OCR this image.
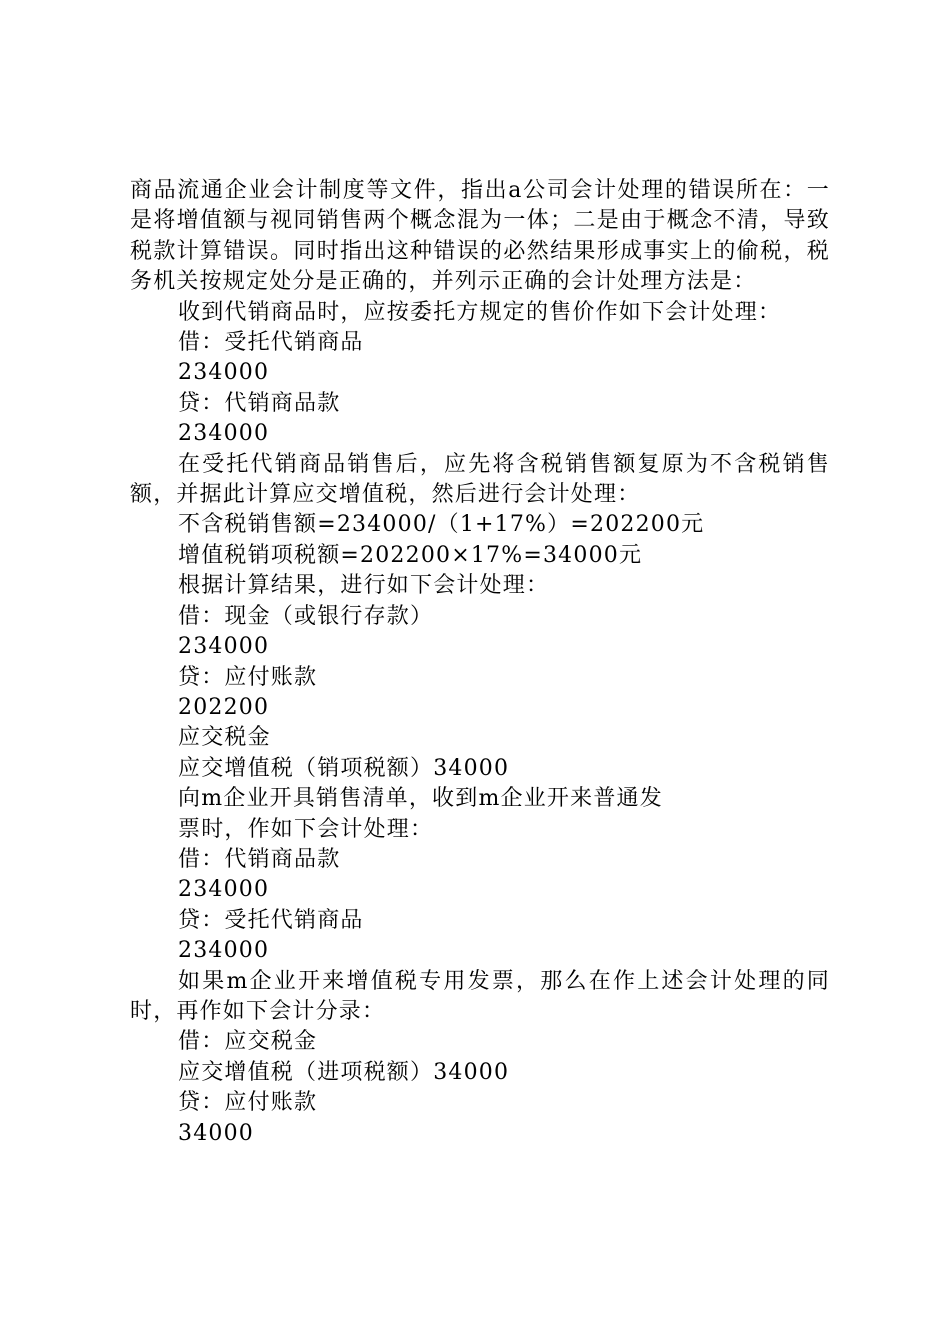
商品流通企业会计制度等文件，指出a公司会计处理的错误所在：一是将增值额与视同销售两个概念混为一体；二是由于概念不清，导致税款计算错误。同时指出这种错误的必然结果形成事实上的偷税，税务机关按规定处分是正确的，并列示正确的会计处理方法是：

收到代销商品时，应按委托方规定的售价作如下会计处理：

借：受托代销商品

234000

贷：代销商品款

234000

在受托代销商品销售后，应先将含税销售额复原为不含税销售额，并据此计算应交增值税，然后进行会计处理：

不含税销售额=234000/（1+17%）=202200元

增值税销项税额=202200×17%=34000元

根据计算结果，进行如下会计处理：

借：现金（或银行存款）

234000

贷：应付账款

202200

应交税金

应交增值税（销项税额）34000

向m企业开具销售清单，收到m企业开来普通发

票时，作如下会计处理：

借：代销商品款

234000

贷：受托代销商品

234000

如果m企业开来增值税专用发票，那么在作上述会计处理的同时，再作如下会计分录：

借：应交税金

应交增值税（进项税额）34000

贷：应付账款

34000
